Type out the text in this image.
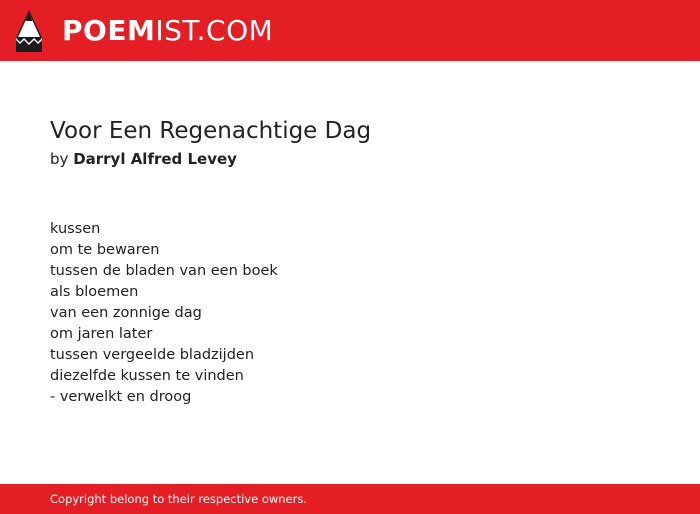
POEMIST.COM
Voor Een Regenachtige Dag
by Darryl Alfred Levey
kussen
om te bewaren
tussen de bladen van een boek
als bloemen
van een zonnige dag
om jaren later
tussen vergeelde bladzijden
diezelfde kussen te vinden
- verwelkt en droog
Copyright belong to their respective owners.
